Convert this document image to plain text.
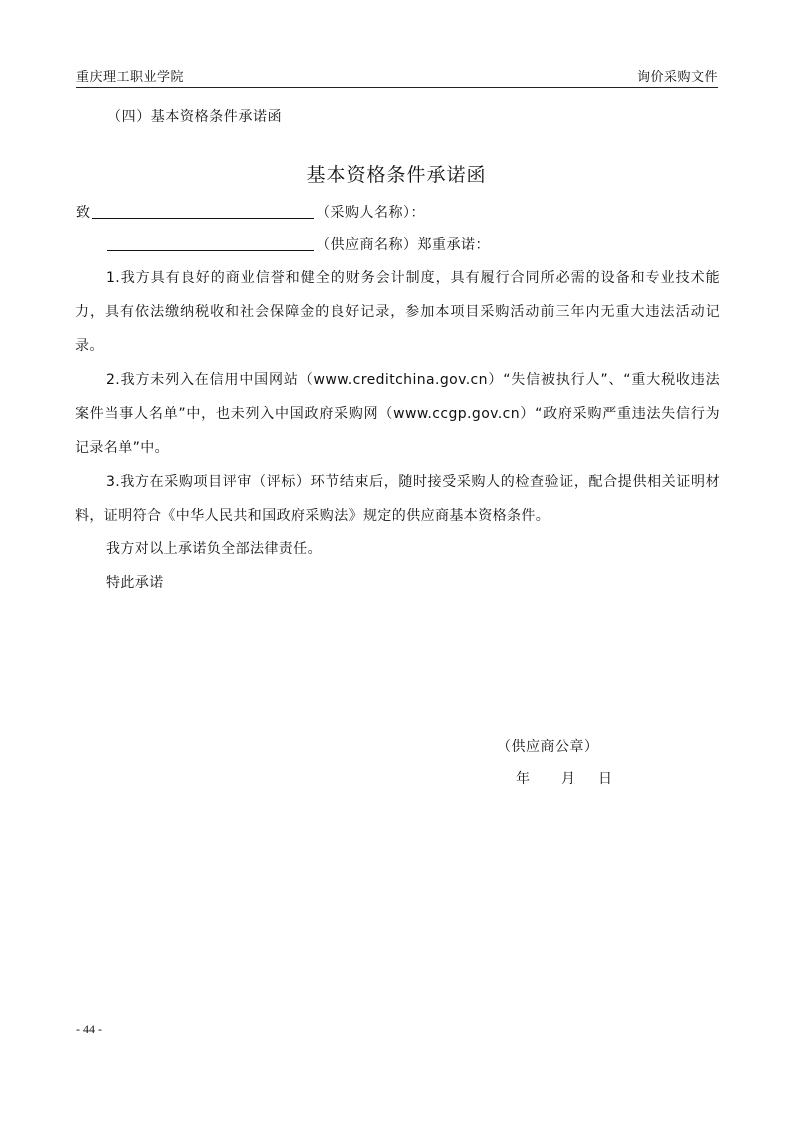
重庆理工职业学院	询价采购文件
（四）基本资格条件承诺函
基本资格条件承诺函
致	（采购人名称）：
（供应商名称）郑重承诺：
1.我方具有良好的商业信誉和健全的财务会计制度，具有履行合同所必需的设备和专业技术能力，具有依法缴纳税收和社会保障金的良好记录，参加本项目采购活动前三年内无重大违法活动记录。
2.我方未列入在信用中国网站（www.creditchina.gov.cn）“失信被执行人”、“重大税收违法案件当事人名单”中，也未列入中国政府采购网（www.ccgp.gov.cn）“政府采购严重违法失信行为记录名单”中。
3.我方在采购项目评审（评标）环节结束后，随时接受采购人的检查验证，配合提供相关证明材料，证明符合《中华人民共和国政府采购法》规定的供应商基本资格条件。
我方对以上承诺负全部法律责任。
特此承诺
（供应商公章）
年 月 日
- 44 -
